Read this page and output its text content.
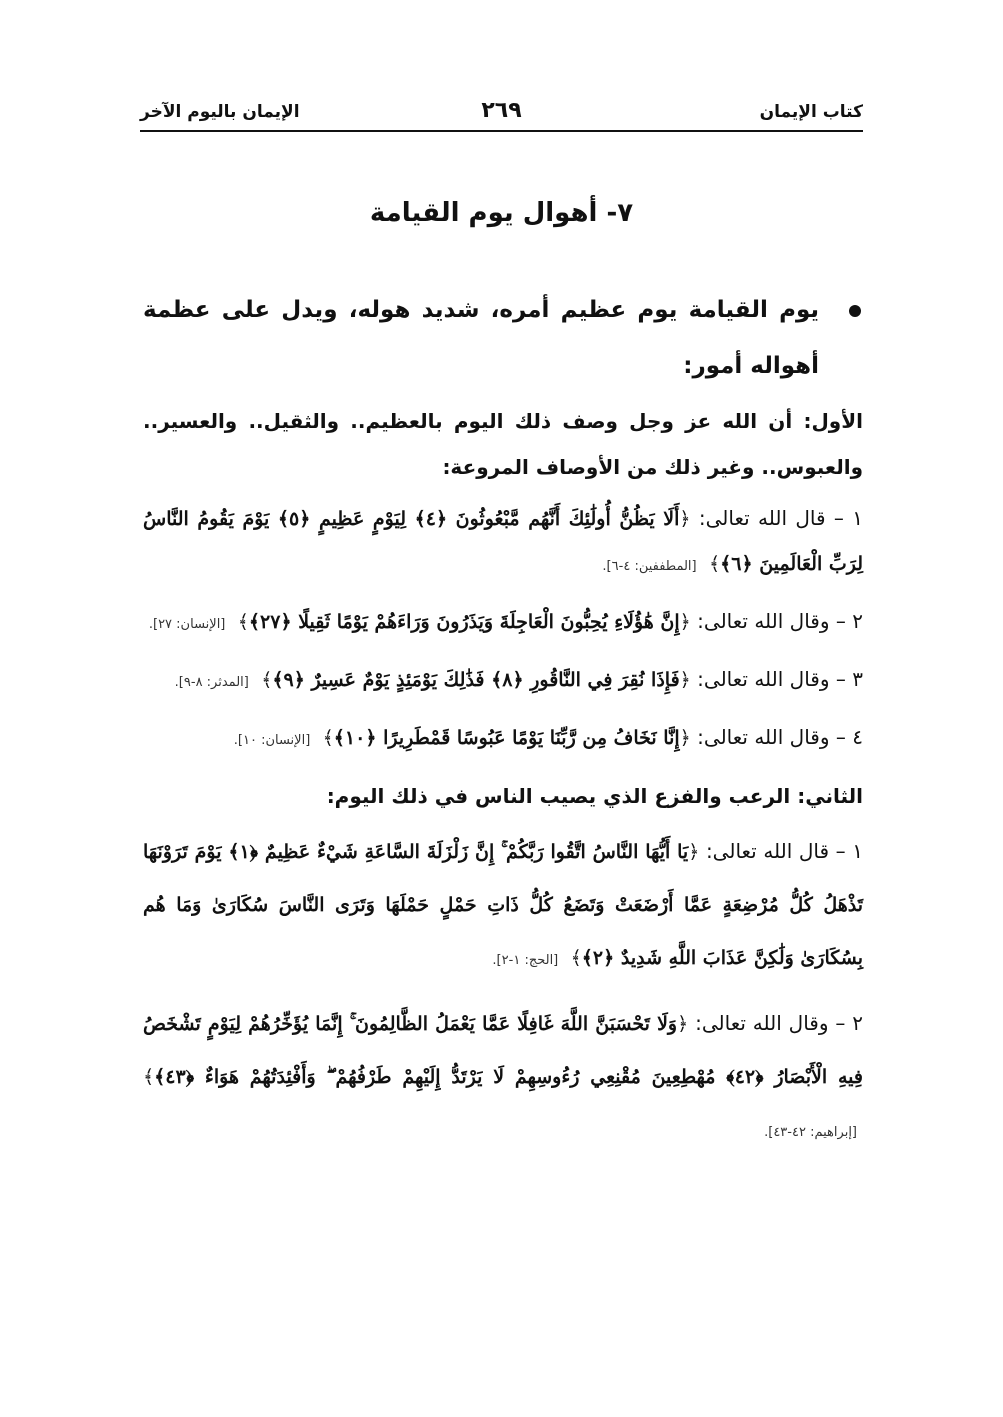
كتاب الإيمان
٢٦٩
الإيمان باليوم الآخر
٧- أهوال يوم القيامة

يوم القيامة يوم عظيم أمره، شديد هوله، ويدل على عظمة أهواله أمور:

الأول: أن الله عز وجل وصف ذلك اليوم بالعظيم.. والثقيل.. والعسير.. والعبوس.. وغير ذلك من الأوصاف المروعة:

١ – قال الله تعالى: ﴿أَلَا يَظُنُّ أُولَٰئِكَ أَنَّهُم مَّبْعُوثُونَ ﴿٤﴾ لِيَوْمٍ عَظِيمٍ ﴿٥﴾ يَوْمَ يَقُومُ النَّاسُ لِرَبِّ الْعَالَمِينَ ﴿٦﴾﴾ [المطففين: ٤-٦].

٢ – وقال الله تعالى: ﴿إِنَّ هَٰؤُلَاءِ يُحِبُّونَ الْعَاجِلَةَ وَيَذَرُونَ وَرَاءَهُمْ يَوْمًا ثَقِيلًا ﴿٢٧﴾﴾ [الإنسان: ٢٧].

٣ – وقال الله تعالى: ﴿فَإِذَا نُقِرَ فِي النَّاقُورِ ﴿٨﴾ فَذَٰلِكَ يَوْمَئِذٍ يَوْمٌ عَسِيرٌ ﴿٩﴾﴾ [المدثر: ٨-٩].

٤ – وقال الله تعالى: ﴿إِنَّا نَخَافُ مِن رَّبِّنَا يَوْمًا عَبُوسًا قَمْطَرِيرًا ﴿١٠﴾﴾ [الإنسان: ١٠].

الثاني: الرعب والفزع الذي يصيب الناس في ذلك اليوم:

١ – قال الله تعالى: ﴿يَا أَيُّهَا النَّاسُ اتَّقُوا رَبَّكُمْ ۚ إِنَّ زَلْزَلَةَ السَّاعَةِ شَيْءٌ عَظِيمٌ ﴿١﴾ يَوْمَ تَرَوْنَهَا تَذْهَلُ كُلُّ مُرْضِعَةٍ عَمَّا أَرْضَعَتْ وَتَضَعُ كُلُّ ذَاتِ حَمْلٍ حَمْلَهَا وَتَرَى النَّاسَ سُكَارَىٰ وَمَا هُم بِسُكَارَىٰ وَلَٰكِنَّ عَذَابَ اللَّهِ شَدِيدٌ ﴿٢﴾﴾ [الحج: ١-٢].

٢ – وقال الله تعالى: ﴿وَلَا تَحْسَبَنَّ اللَّهَ غَافِلًا عَمَّا يَعْمَلُ الظَّالِمُونَ ۚ إِنَّمَا يُؤَخِّرُهُمْ لِيَوْمٍ تَشْخَصُ فِيهِ الْأَبْصَارُ ﴿٤٢﴾ مُهْطِعِينَ مُقْنِعِي رُءُوسِهِمْ لَا يَرْتَدُّ إِلَيْهِمْ طَرْفُهُمْ ۖ وَأَفْئِدَتُهُمْ هَوَاءٌ ﴿٤٣﴾﴾ [إبراهيم: ٤٢-٤٣].
